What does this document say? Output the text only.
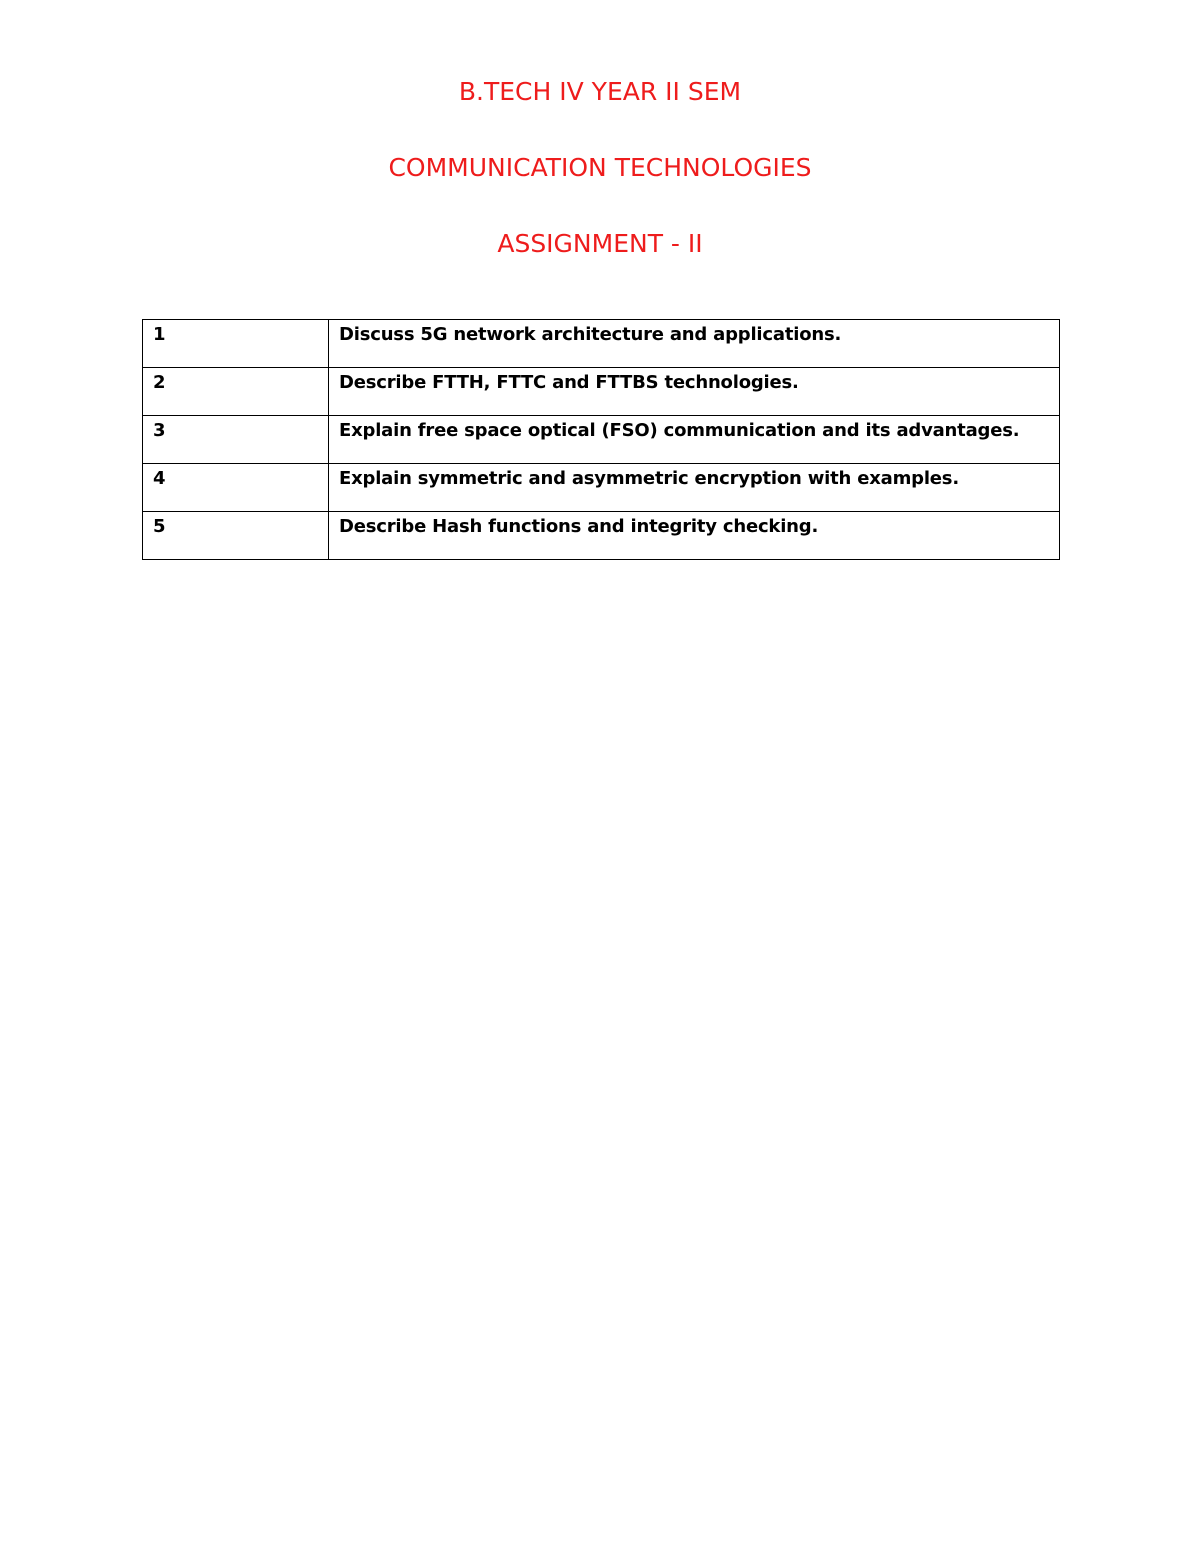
B.TECH IV YEAR II SEM
COMMUNICATION TECHNOLOGIES
ASSIGNMENT - II
1	Discuss 5G network architecture and applications.

2	Describe FTTH, FTTC and FTTBS technologies.

3	Explain free space optical (FSO) communication and its advantages.

4	Explain symmetric and asymmetric encryption with examples.

5	Describe Hash functions and integrity checking.
